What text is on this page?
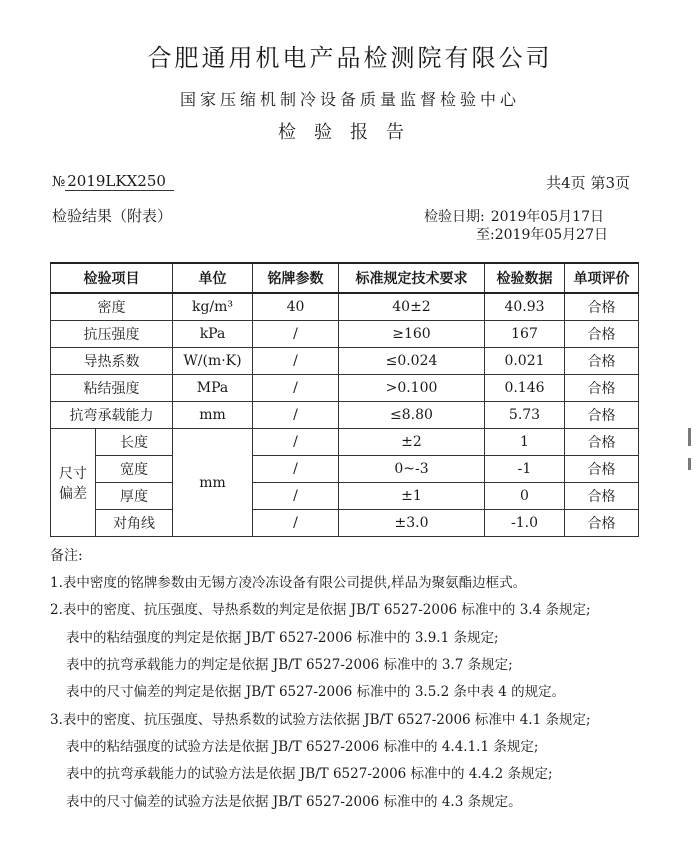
合肥通用机电产品检测院有限公司
国家压缩机制冷设备质量监督检验中心
检验报告
№ 2019LKX250	共4页 第3页
检验结果（附表）	检验日期: 2019年05月17日
至:2019年05月27日
检验项目		单位	铭牌参数	标准规定技术要求	检验数据	单项评价
密度		kg/m³	40	40±2	40.93	合格
抗压强度		kPa	/	≥160	167	合格
导热系数		W/(m·K)	/	≤0.024	0.021	合格
粘结强度		MPa	/	>0.100	0.146	合格
抗弯承载能力		mm	/	≤8.80	5.73	合格

尺寸
偏差	长度	mm	/	±2	1	合格
	宽度		/	0~-3	-1	合格
	厚度		/	±1	0	合格
	对角线		/	±3.0	-1.0	合格
备注:
1.表中密度的铭牌参数由无锡方凌冷冻设备有限公司提供,样品为聚氨酯边框式。
2.表中的密度、抗压强度、导热系数的判定是依据 JB/T 6527-2006 标准中的 3.4 条规定;
表中的粘结强度的判定是依据 JB/T 6527-2006 标准中的 3.9.1 条规定;
表中的抗弯承载能力的判定是依据 JB/T 6527-2006 标准中的 3.7 条规定;
表中的尺寸偏差的判定是依据 JB/T 6527-2006 标准中的 3.5.2 条中表 4 的规定。
3.表中的密度、抗压强度、导热系数的试验方法依据 JB/T 6527-2006 标准中 4.1 条规定;
表中的粘结强度的试验方法是依据 JB/T 6527-2006 标准中的 4.4.1.1 条规定;
表中的抗弯承载能力的试验方法是依据 JB/T 6527-2006 标准中的 4.4.2 条规定;
表中的尺寸偏差的试验方法是依据 JB/T 6527-2006 标准中的 4.3 条规定。
